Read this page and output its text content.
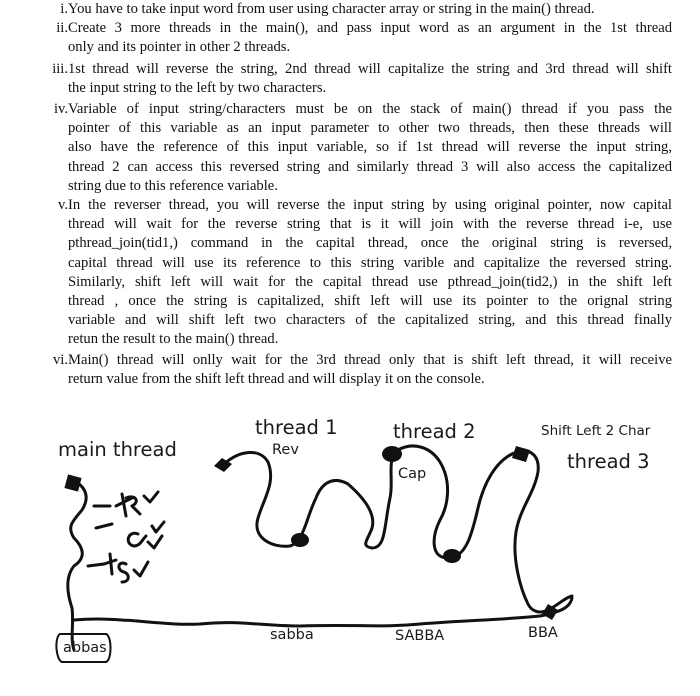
i. You have to take input word from user using character array or string in the main() thread.
ii. Create 3 more threads in the main(), and pass input word as an argument in the 1st thread
only and its pointer in other 2 threads.
iii. 1st thread will reverse the string, 2nd thread will capitalize the string and 3rd thread will shift
the input string to the left by two characters.
iv. Variable of input string/characters must be on the stack of main() thread if you pass the
pointer of this variable as an input parameter to other two threads, then these threads will
also have the reference of this input variable, so if 1st thread will reverse the input string,
thread 2 can access this reversed string and similarly thread 3 will also access the capitalized
string due to this reference variable.
v. In the reverser thread, you will reverse the input string by using original pointer, now capital
thread will wait for the reverse string that is it will join with the reverse thread i-e, use
pthread_join(tid1,) command in the capital thread, once the original string is reversed,
capital thread will use its reference to this string varible and capitalize the reversed string.
Similarly, shift left will wait for the capital thread use pthread_join(tid2,) in the shift left
thread , once the string is capitalized, shift left will use its pointer to the orignal string
variable and will shift left two characters of the capitalized string, and this thread finally
retun the result to the main() thread.
vi. Main() thread will onlly wait for the 3rd thread only that is shift left thread, it will receive
return value from the shift left thread and will display it on the console.
main thread
thread 1
Rev
thread 2
Cap
Shift Left 2 Char
thread 3
abbas
sabba	SABBA	BBA
